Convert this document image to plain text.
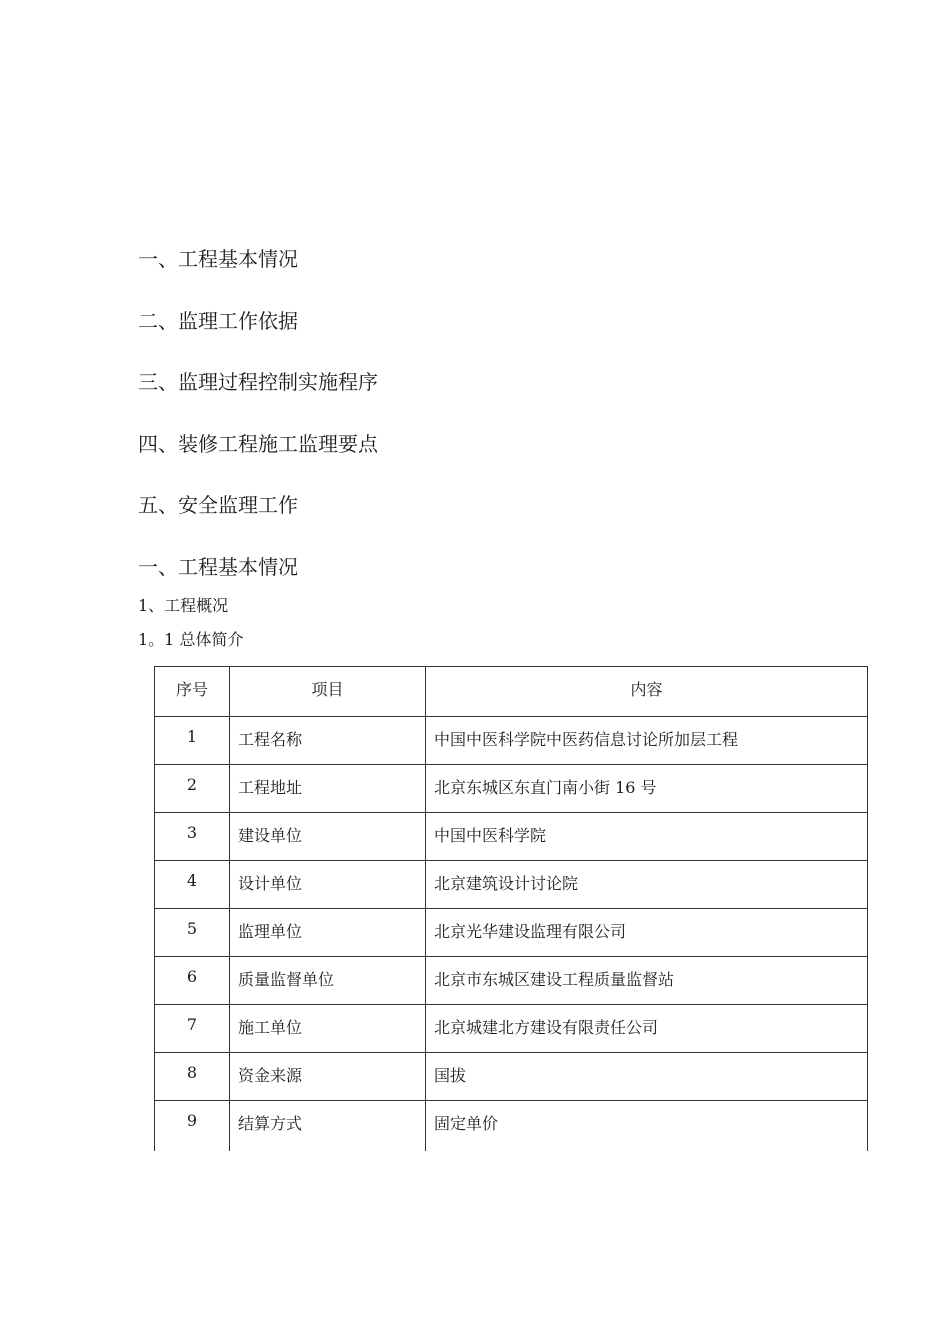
一、工程基本情况
二、监理工作依据
三、监理过程控制实施程序
四、装修工程施工监理要点
五、安全监理工作
一、工程基本情况
1、工程概况
1。1 总体简介
序号	项目	内容
1	工程名称	中国中医科学院中医药信息讨论所加层工程
2	工程地址	北京东城区东直门南小街 16 号
3	建设单位	中国中医科学院
4	设计单位	北京建筑设计讨论院
5	监理单位	北京光华建设监理有限公司
6	质量监督单位	北京市东城区建设工程质量监督站
7	施工单位	北京城建北方建设有限责任公司
8	资金来源	国拔
9	结算方式	固定单价
